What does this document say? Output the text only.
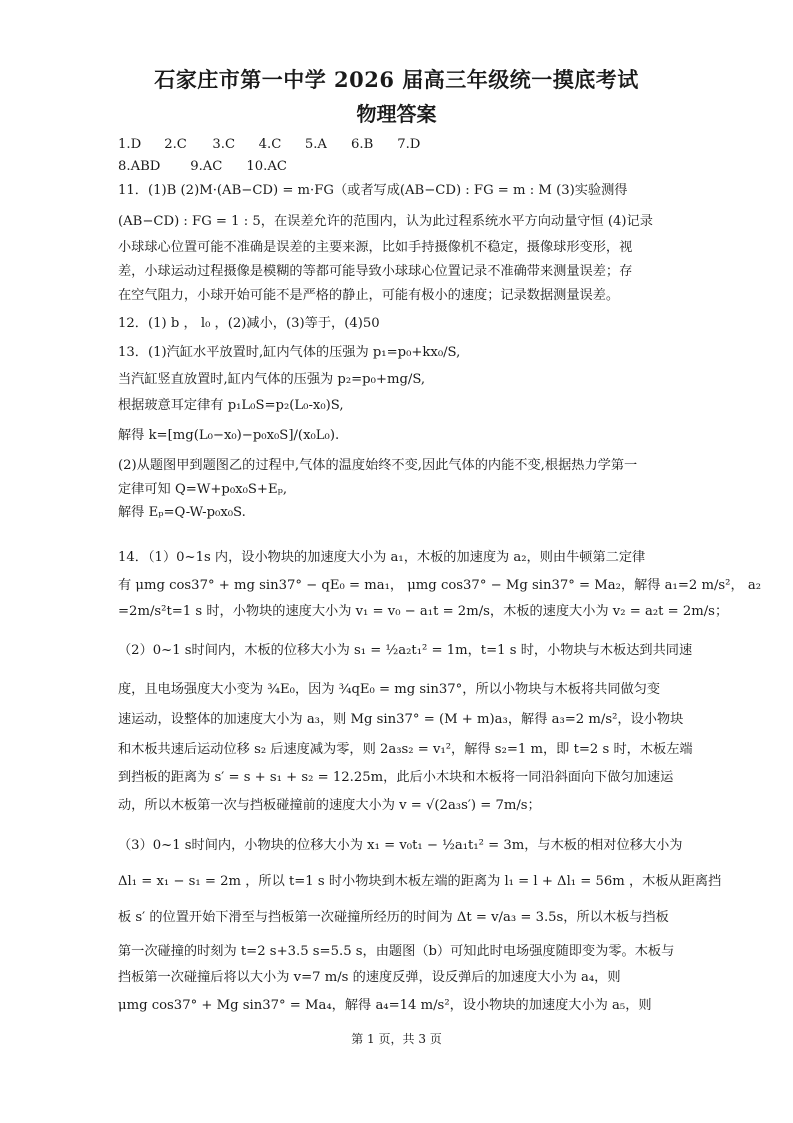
石家庄市第一中学 2026 届高三年级统一摸底考试
物理答案
1.D 2.C 3.C 4.C 5.A 6.B 7.D
8.ABD 9.AC 10.AC
11．(1)B (2)M·(AB−CD) = m·FG（或者写成(AB−CD) : FG = m : M (3)实验测得
(AB−CD) : FG = 1 : 5，在误差允许的范围内，认为此过程系统水平方向动量守恒 (4)记录
小球球心位置可能不准确是误差的主要来源，比如手持摄像机不稳定，摄像球形变形，视
差，小球运动过程摄像是模糊的等都可能导致小球球心位置记录不准确带来测量误差；存
在空气阻力，小球开始可能不是严格的静止，可能有极小的速度；记录数据测量误差。
12．(1) b ， l₀ ，(2)减小，(3)等于，(4)50
13．(1)汽缸水平放置时,缸内气体的压强为 p₁=p₀+kx₀/S,
当汽缸竖直放置时,缸内气体的压强为 p₂=p₀+mg/S,
根据玻意耳定律有 p₁L₀S=p₂(L₀-x₀)S,
解得 k=[mg(L₀−x₀)−p₀x₀S]/(x₀L₀).
(2)从题图甲到题图乙的过程中,气体的温度始终不变,因此气体的内能不变,根据热力学第一
定律可知 Q=W+p₀x₀S+Eₚ,
解得 Eₚ=Q-W-p₀x₀S.
14．（1）0~1s 内，设小物块的加速度大小为 a₁，木板的加速度为 a₂，则由牛顿第二定律
有 μmg cos37° + mg sin37° − qE₀ = ma₁， μmg cos37° − Mg sin37° = Ma₂，解得 a₁=2 m/s²， a₂
=2m/s²t=1 s 时，小物块的速度大小为 v₁ = v₀ − a₁t = 2m/s，木板的速度大小为 v₂ = a₂t = 2m/s；
（2）0~1 s时间内，木板的位移大小为 s₁ = ½a₂t₁² = 1m，t=1 s 时，小物块与木板达到共同速
度，且电场强度大小变为 ¾E₀，因为 ¾qE₀ = mg sin37°，所以小物块与木板将共同做匀变
速运动，设整体的加速度大小为 a₃，则 Mg sin37° = (M + m)a₃，解得 a₃=2 m/s²，设小物块
和木板共速后运动位移 s₂ 后速度减为零，则 2a₃s₂ = v₁²，解得 s₂=1 m，即 t=2 s 时，木板左端
到挡板的距离为 s′ = s + s₁ + s₂ = 12.25m，此后小木块和木板将一同沿斜面向下做匀加速运
动，所以木板第一次与挡板碰撞前的速度大小为 v = √(2a₃s′) = 7m/s；
（3）0~1 s时间内，小物块的位移大小为 x₁ = v₀t₁ − ½a₁t₁² = 3m，与木板的相对位移大小为
Δl₁ = x₁ − s₁ = 2m ，所以 t=1 s 时小物块到木板左端的距离为 l₁ = l + Δl₁ = 56m ，木板从距离挡
板 s′ 的位置开始下滑至与挡板第一次碰撞所经历的时间为 Δt = v/a₃ = 3.5s，所以木板与挡板
第一次碰撞的时刻为 t=2 s+3.5 s=5.5 s，由题图（b）可知此时电场强度随即变为零。木板与
挡板第一次碰撞后将以大小为 v=7 m/s 的速度反弹，设反弹后的加速度大小为 a₄，则
μmg cos37° + Mg sin37° = Ma₄，解得 a₄=14 m/s²，设小物块的加速度大小为 a₅，则
第 1 页，共 3 页
